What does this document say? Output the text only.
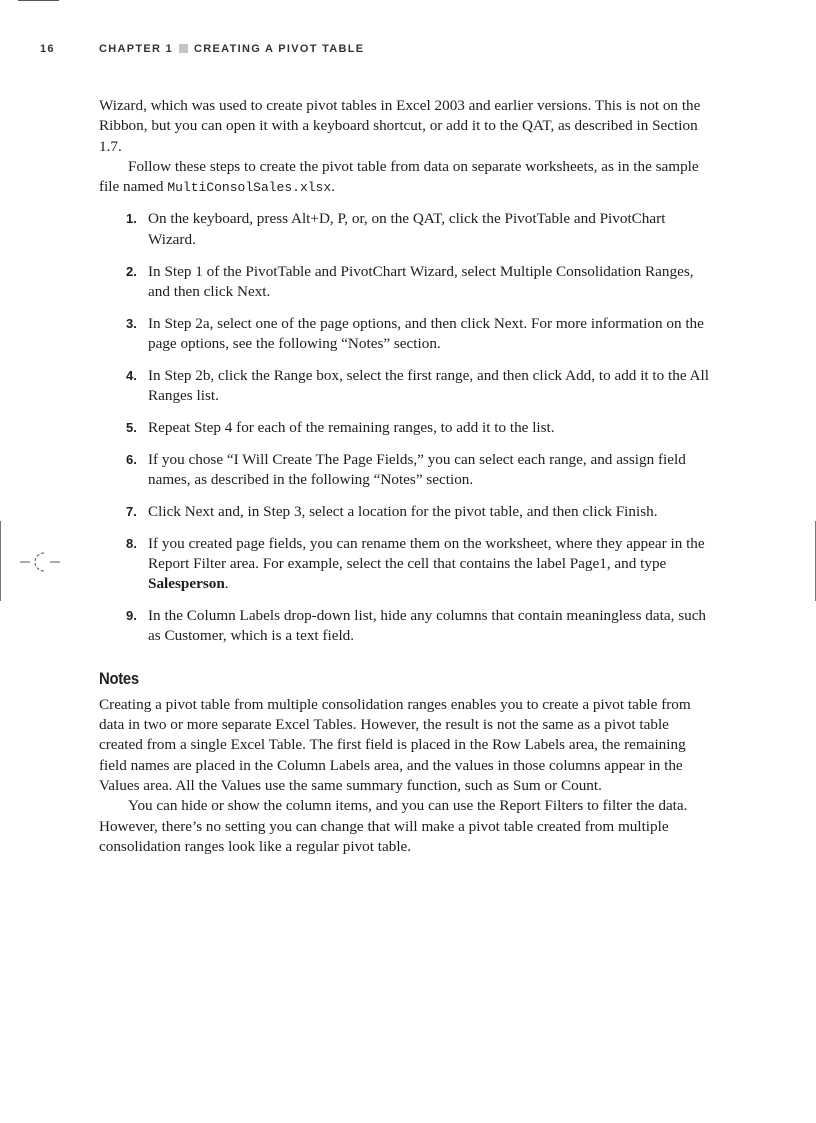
16	CHAPTER 1 CREATING A PIVOT TABLE

Wizard, which was used to create pivot tables in Excel 2003 and earlier versions. This is not on the Ribbon, but you can open it with a keyboard shortcut, or add it to the QAT, as described in Section 1.7.

Follow these steps to create the pivot table from data on separate worksheets, as in the sample file named MultiConsolSales.xlsx.

1 . On the keyboard, press Alt+D, P, or, on the QAT, click the PivotTable and PivotChart Wizard.
2 . In Step 1 of the PivotTable and PivotChart Wizard, select Multiple Consolidation Ranges, and then click Next.
3 . In Step 2a, select one of the page options, and then click Next. For more information on the page options, see the following “Notes” section.
4 . In Step 2b, click the Range box, select the first range, and then click Add, to add it to the All Ranges list.
5 . Repeat Step 4 for each of the remaining ranges, to add it to the list.
6 . If you chose “I Will Create The Page Fields,” you can select each range, and assign field names, as described in the following “Notes” section.
7 . Click Next and, in Step 3, select a location for the pivot table, and then click Finish.
8 . If you created page fields, you can rename them on the worksheet, where they appear in the Report Filter area. For example, select the cell that contains the label Page1, and type Salesperson.
9 . In the Column Labels drop-down list, hide any columns that contain meaningless data, such as Customer, which is a text field.
Notes

Creating a pivot table from multiple consolidation ranges enables you to create a pivot table from data in two or more separate Excel Tables. However, the result is not the same as a pivot table created from a single Excel Table. The first field is placed in the Row Labels area, the remaining field names are placed in the Column Labels area, and the values in those columns appear in the Values area. All the Values use the same summary function, such as Sum or Count.

You can hide or show the column items, and you can use the Report Filters to filter the data. However, there’s no setting you can change that will make a pivot table created from multiple consolidation ranges look like a regular pivot table.
